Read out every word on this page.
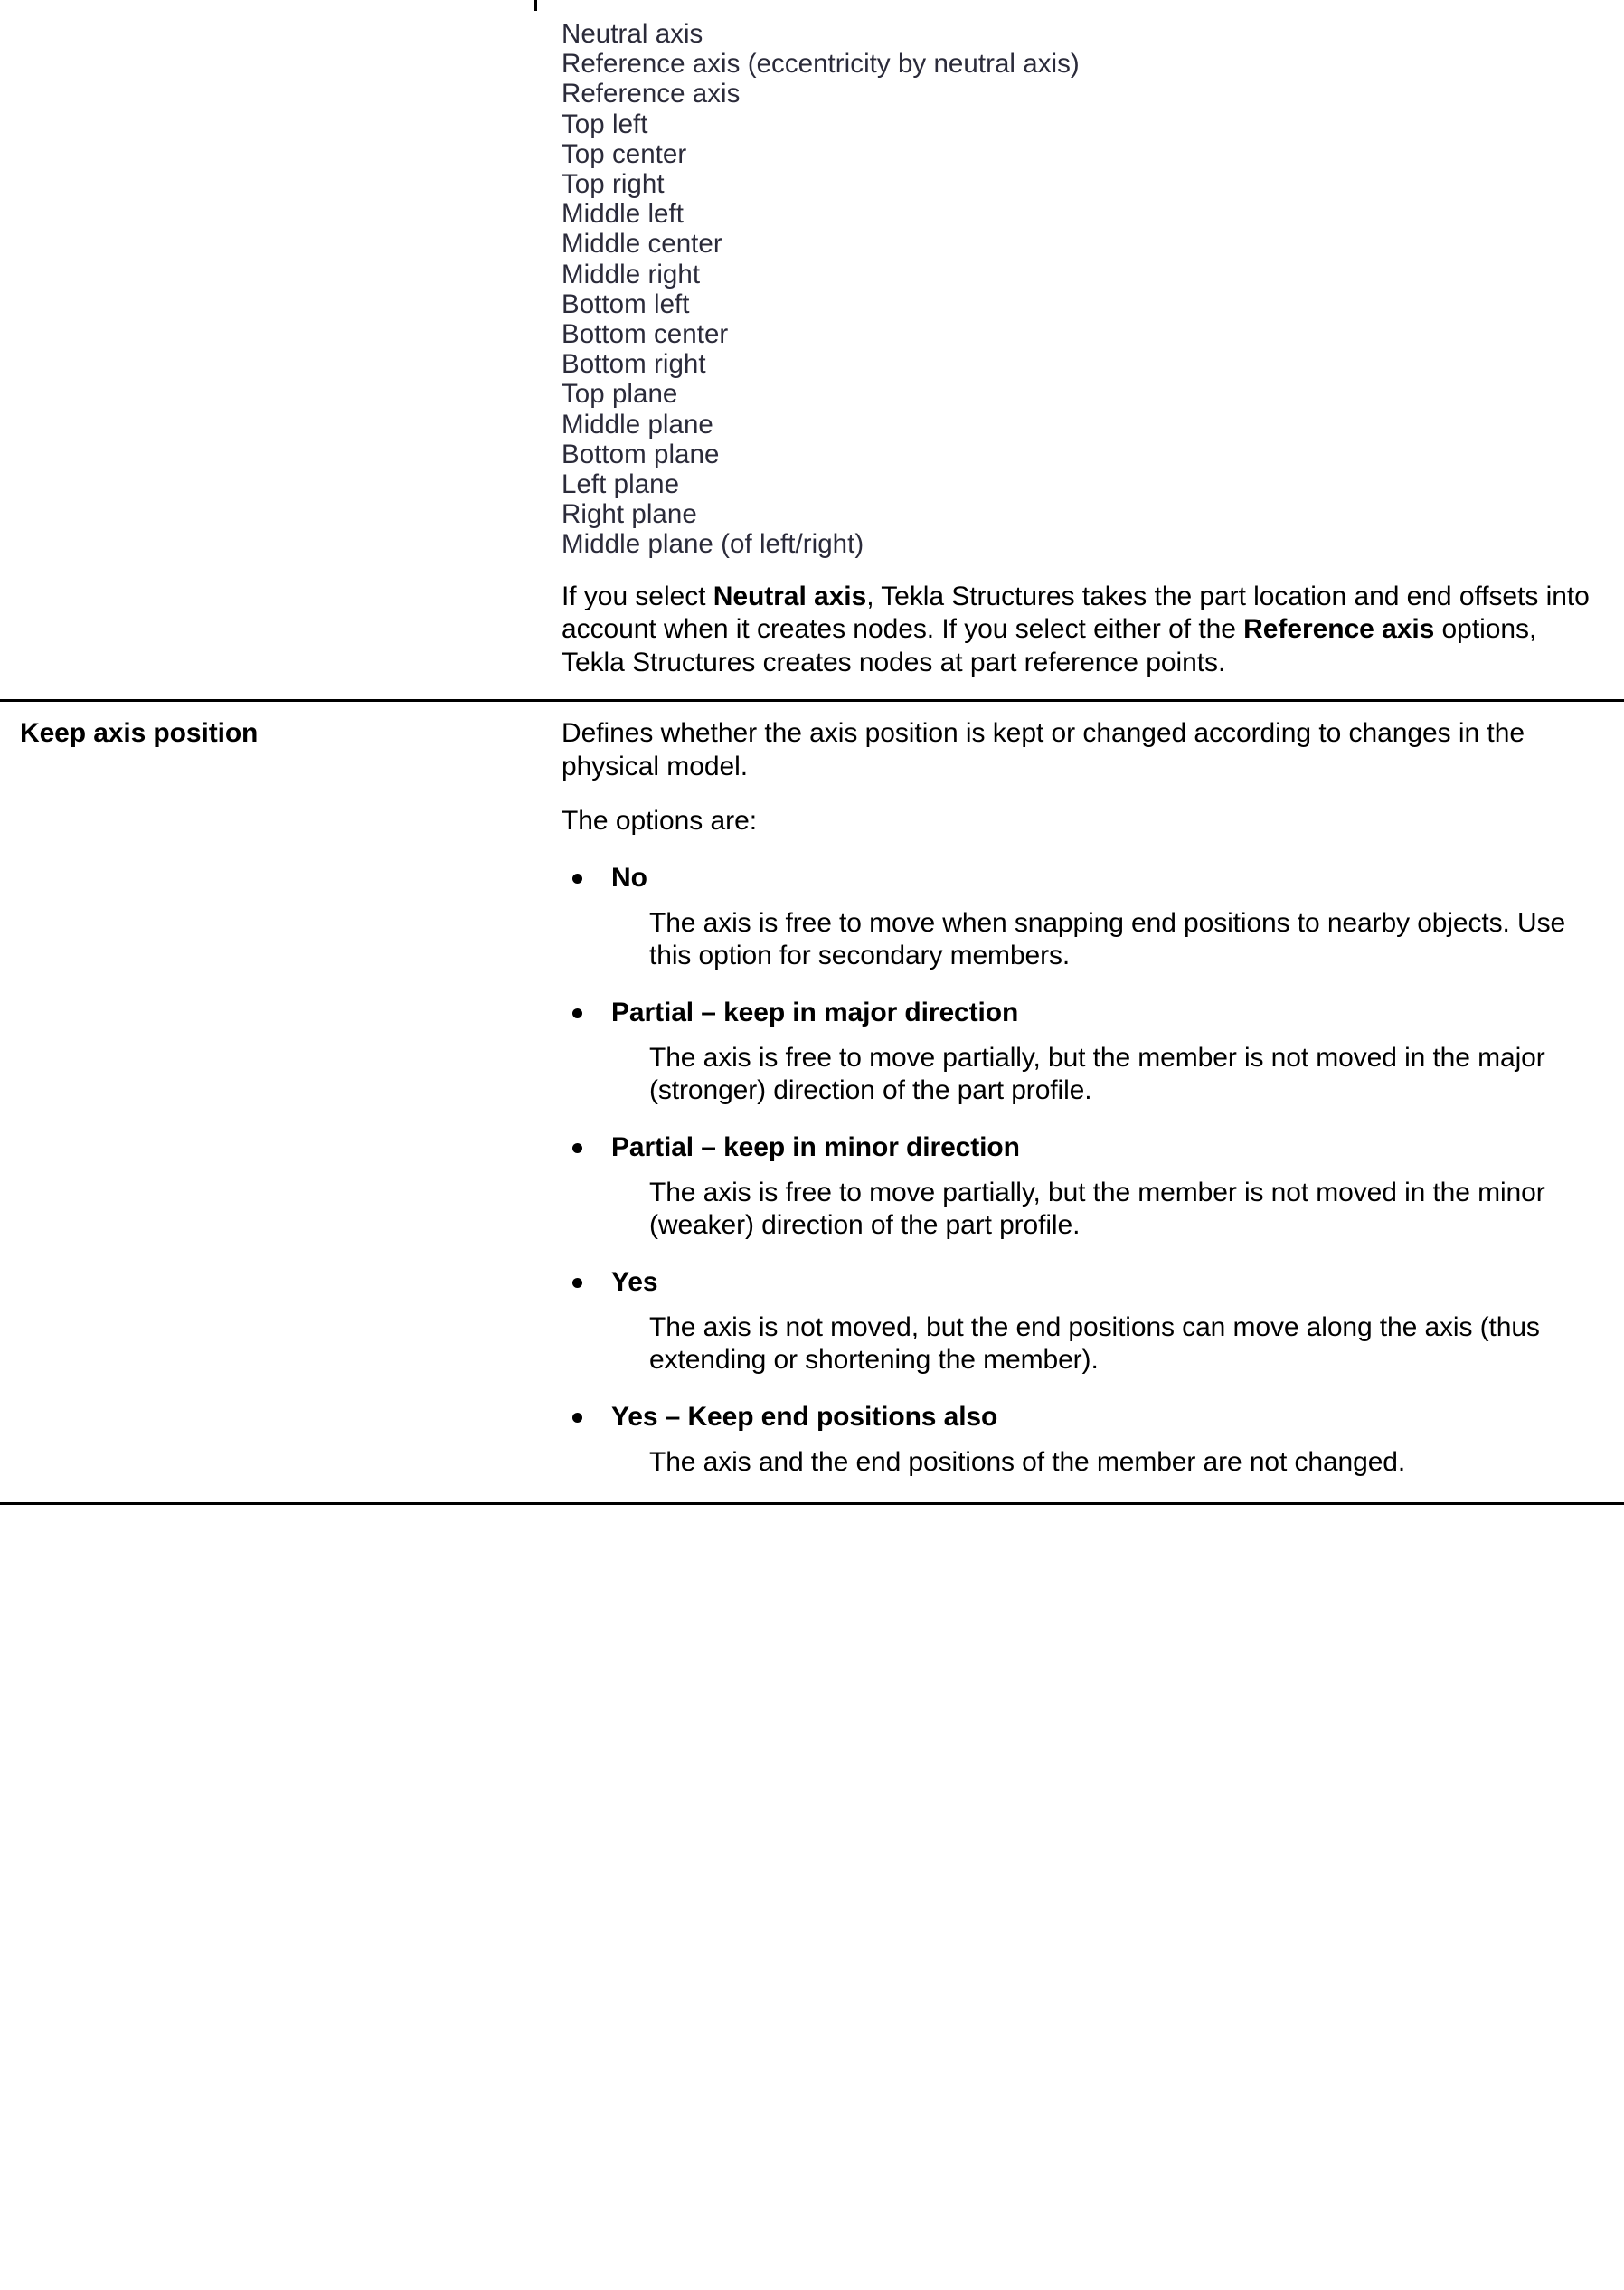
Neutral axis
Reference axis (eccentricity by neutral axis)
Reference axis
Top left
Top center
Top right
Middle left
Middle center
Middle right
Bottom left
Bottom center
Bottom right
Top plane
Middle plane
Bottom plane
Left plane
Right plane
Middle plane (of left/right)

If you select Neutral axis, Tekla Structures takes the part location and end offsets into account when it creates nodes. If you select either of the Reference axis options, Tekla Structures creates nodes at part reference points.

Keep axis position	Defines whether the axis position is kept or changed according to changes in the physical model.

The options are:

No
The axis is free to move when snapping end positions to nearby objects. Use this option for secondary members.
Partial – keep in major direction
The axis is free to move partially, but the member is not moved in the major (stronger) direction of the part profile.
Partial – keep in minor direction
The axis is free to move partially, but the member is not moved in the minor (weaker) direction of the part profile.
Yes
The axis is not moved, but the end positions can move along the axis (thus extending or shortening the member).
Yes – Keep end positions also
The axis and the end positions of the member are not changed.
